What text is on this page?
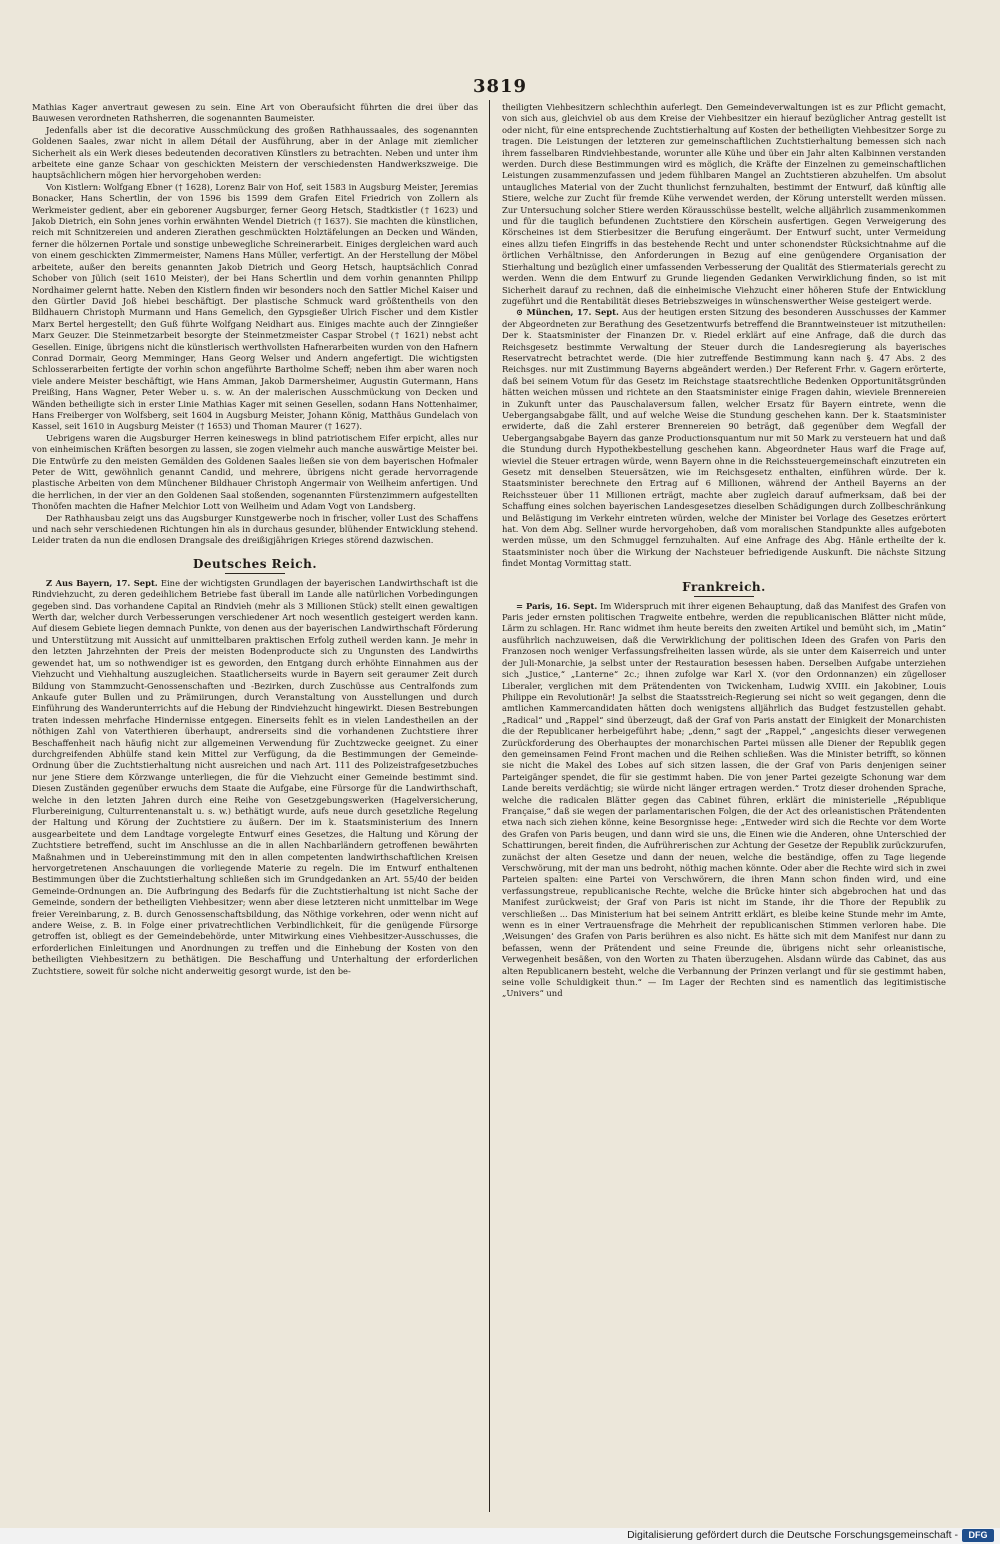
3819

Mathias Kager anvertraut gewesen zu sein. Eine Art von Oberaufsicht führten die drei über das Bauwesen verordneten Rathsherren, die sogenannten Baumeister.

Jedenfalls aber ist die decorative Ausschmückung des großen Rathhaussaales, des sogenannten Goldenen Saales, zwar nicht in allem Détail der Ausführung, aber in der Anlage mit ziemlicher Sicherheit als ein Werk dieses bedeutenden decorativen Künstlers zu betrachten. Neben und unter ihm arbeitete eine ganze Schaar von geschickten Meistern der verschiedensten Handwerkszweige. Die hauptsächlichern mögen hier hervorgehoben werden:

Von Kistlern: Wolfgang Ebner († 1628), Lorenz Bair von Hof, seit 1583 in Augsburg Meister, Jeremias Bonacker, Hans Schertlin, der von 1596 bis 1599 dem Grafen Eitel Friedrich von Zollern als Werkmeister gedient, aber ein geborener Augsburger, ferner Georg Hetsch, Stadtkistler († 1623) und Jakob Dietrich, ein Sohn jenes vorhin erwähnten Wendel Dietrich († 1637). Sie machten die künstlichen, reich mit Schnitzereien und anderen Zierathen geschmückten Holztäfelungen an Decken und Wänden, ferner die hölzernen Portale und sonstige unbewegliche Schreinerarbeit. Einiges dergleichen ward auch von einem geschickten Zimmermeister, Namens Hans Müller, verfertigt. An der Herstellung der Möbel arbeitete, außer den bereits genannten Jakob Dietrich und Georg Hetsch, hauptsächlich Conrad Schober von Jülich (seit 1610 Meister), der bei Hans Schertlin und dem vorhin genannten Philipp Nordhaimer gelernt hatte. Neben den Kistlern finden wir besonders noch den Sattler Michel Kaiser und den Gürtler David Joß hiebei beschäftigt. Der plastische Schmuck ward größtentheils von den Bildhauern Christoph Murmann und Hans Gemelich, den Gypsgießer Ulrich Fischer und dem Kistler Marx Bertel hergestellt; den Guß führte Wolfgang Neidhart aus. Einiges machte auch der Zinngießer Marx Geuzer. Die Steinmetzarbeit besorgte der Steinmetzmeister Caspar Strobel († 1621) nebst acht Gesellen. Einige, übrigens nicht die künstlerisch werthvollsten Hafnerarbeiten wurden von den Hafnern Conrad Dormair, Georg Memminger, Hans Georg Welser und Andern angefertigt. Die wichtigsten Schlosserarbeiten fertigte der vorhin schon angeführte Bartholme Scheff; neben ihm aber waren noch viele andere Meister beschäftigt, wie Hans Amman, Jakob Darmersheimer, Augustin Gutermann, Hans Preißing, Hans Wagner, Peter Weber u. s. w. An der malerischen Ausschmückung von Decken und Wänden betheiligte sich in erster Linie Mathias Kager mit seinen Gesellen, sodann Hans Nottenhaimer, Hans Freiberger von Wolfsberg, seit 1604 in Augsburg Meister, Johann König, Matthäus Gundelach von Kassel, seit 1610 in Augsburg Meister († 1653) und Thoman Maurer († 1627).

Uebrigens waren die Augsburger Herren keineswegs in blind patriotischem Eifer erpicht, alles nur von einheimischen Kräften besorgen zu lassen, sie zogen vielmehr auch manche auswärtige Meister bei. Die Entwürfe zu den meisten Gemälden des Goldenen Saales ließen sie von dem bayerischen Hofmaler Peter de Witt, gewöhnlich genannt Candid, und mehrere, übrigens nicht gerade hervorragende plastische Arbeiten von dem Münchener Bildhauer Christoph Angermair von Weilheim anfertigen. Und die herrlichen, in der vier an den Goldenen Saal stoßenden, sogenannten Fürstenzimmern aufgestellten Thonöfen machten die Hafner Melchior Lott von Weilheim und Adam Vogt von Landsberg.

Der Rathhausbau zeigt uns das Augsburger Kunstgewerbe noch in frischer, voller Lust des Schaffens und nach sehr verschiedenen Richtungen hin als in durchaus gesunder, blühender Entwicklung stehend. Leider traten da nun die endlosen Drangsale des dreißigjährigen Krieges störend dazwischen.

Deutsches Reich.

Z Aus Bayern, 17. Sept. Eine der wichtigsten Grundlagen der bayerischen Landwirthschaft ist die Rindviehzucht, zu deren gedeihlichem Betriebe fast überall im Lande alle natürlichen Vorbedingungen gegeben sind. Das vorhandene Capital an Rindvieh (mehr als 3 Millionen Stück) stellt einen gewaltigen Werth dar, welcher durch Verbesserungen verschiedener Art noch wesentlich gesteigert werden kann. Auf diesem Gebiete liegen demnach Punkte, von denen aus der bayerischen Landwirthschaft Förderung und Unterstützung mit Aussicht auf unmittelbaren praktischen Erfolg zutheil werden kann. Je mehr in den letzten Jahrzehnten der Preis der meisten Bodenproducte sich zu Ungunsten des Landwirths gewendet hat, um so nothwendiger ist es geworden, den Entgang durch erhöhte Einnahmen aus der Viehzucht und Viehhaltung auszugleichen. Staatlicherseits wurde in Bayern seit geraumer Zeit durch Bildung von Stammzucht-Genossenschaften und -Bezirken, durch Zuschüsse aus Centralfonds zum Ankaufe guter Bullen und zu Prämiirungen, durch Veranstaltung von Ausstellungen und durch Einführung des Wanderunterrichts auf die Hebung der Rindviehzucht hingewirkt. Diesen Bestrebungen traten indessen mehrfache Hindernisse entgegen. Einerseits fehlt es in vielen Landestheilen an der nöthigen Zahl von Vaterthieren überhaupt, andrerseits sind die vorhandenen Zuchtstiere ihrer Beschaffenheit nach häufig nicht zur allgemeinen Verwendung für Zuchtzwecke geeignet. Zu einer durchgreifenden Abhülfe stand kein Mittel zur Verfügung, da die Bestimmungen der Gemeinde-Ordnung über die Zuchtstierhaltung nicht ausreichen und nach Art. 111 des Polizeistrafgesetzbuches nur jene Stiere dem Körzwange unterliegen, die für die Viehzucht einer Gemeinde bestimmt sind. Diesen Zuständen gegenüber erwuchs dem Staate die Aufgabe, eine Fürsorge für die Landwirthschaft, welche in den letzten Jahren durch eine Reihe von Gesetzgebungswerken (Hagelversicherung, Flurbereinigung, Culturrentenanstalt u. s. w.) bethätigt wurde, aufs neue durch gesetzliche Regelung der Haltung und Körung der Zuchtstiere zu äußern. Der im k. Staatsministerium des Innern ausgearbeitete und dem Landtage vorgelegte Entwurf eines Gesetzes, die Haltung und Körung der Zuchtstiere betreffend, sucht im Anschlusse an die in allen Nachbarländern getroffenen bewährten Maßnahmen und in Uebereinstimmung mit den in allen competenten landwirthschaftlichen Kreisen hervorgetretenen Anschauungen die vorliegende Materie zu regeln. Die im Entwurf enthaltenen Bestimmungen über die Zuchtstierhaltung schließen sich im Grundgedanken an Art. 55/40 der beiden Gemeinde-Ordnungen an. Die Aufbringung des Bedarfs für die Zuchtstierhaltung ist nicht Sache der Gemeinde, sondern der betheiligten Viehbesitzer; wenn aber diese letzteren nicht unmittelbar im Wege freier Vereinbarung, z. B. durch Genossenschaftsbildung, das Nöthige vorkehren, oder wenn nicht auf andere Weise, z. B. in Folge einer privatrechtlichen Verbindlichkeit, für die genügende Fürsorge getroffen ist, obliegt es der Gemeindebehörde, unter Mitwirkung eines Viehbesitzer-Ausschusses, die erforderlichen Einleitungen und Anordnungen zu treffen und die Einhebung der Kosten von den betheiligten Viehbesitzern zu bethätigen. Die Beschaffung und Unterhaltung der erforderlichen Zuchtstiere, soweit für solche nicht anderweitig gesorgt wurde, ist den be-

theiligten Viehbesitzern schlechthin auferlegt. Den Gemeindeverwaltungen ist es zur Pflicht gemacht, von sich aus, gleichviel ob aus dem Kreise der Viehbesitzer ein hierauf bezüglicher Antrag gestellt ist oder nicht, für eine entsprechende Zuchtstierhaltung auf Kosten der betheiligten Viehbesitzer Sorge zu tragen. Die Leistungen der letzteren zur gemeinschaftlichen Zuchtstierhaltung bemessen sich nach ihrem fasselbaren Rindviehbestande, worunter alle Kühe und über ein Jahr alten Kalbinnen verstanden werden. Durch diese Bestimmungen wird es möglich, die Kräfte der Einzelnen zu gemeinschaftlichen Leistungen zusammenzufassen und jedem fühlbaren Mangel an Zuchtstieren abzuhelfen. Um absolut untaugliches Material von der Zucht thunlichst fernzuhalten, bestimmt der Entwurf, daß künftig alle Stiere, welche zur Zucht für fremde Kühe verwendet werden, der Körung unterstellt werden müssen. Zur Untersuchung solcher Stiere werden Körausschüsse bestellt, welche alljährlich zusammenkommen und für die tauglich befundenen Zuchtstiere den Körschein ausfertigen. Gegen Verweigerung des Körscheines ist dem Stierbesitzer die Berufung eingeräumt. Der Entwurf sucht, unter Vermeidung eines allzu tiefen Eingriffs in das bestehende Recht und unter schonendster Rücksichtnahme auf die örtlichen Verhältnisse, den Anforderungen in Bezug auf eine genügendere Organisation der Stierhaltung und bezüglich einer umfassenden Verbesserung der Qualität des Stiermaterials gerecht zu werden. Wenn die dem Entwurf zu Grunde liegenden Gedanken Verwirklichung finden, so ist mit Sicherheit darauf zu rechnen, daß die einheimische Viehzucht einer höheren Stufe der Entwicklung zugeführt und die Rentabilität dieses Betriebszweiges in wünschenswerther Weise gesteigert werde.

⊙ München, 17. Sept. Aus der heutigen ersten Sitzung des besonderen Ausschusses der Kammer der Abgeordneten zur Berathung des Gesetzentwurfs betreffend die Branntweinsteuer ist mitzutheilen: Der k. Staatsminister der Finanzen Dr. v. Riedel erklärt auf eine Anfrage, daß die durch das Reichsgesetz bestimmte Verwaltung der Steuer durch die Landesregierung als bayerisches Reservatrecht betrachtet werde. (Die hier zutreffende Bestimmung kann nach §. 47 Abs. 2 des Reichsges. nur mit Zustimmung Bayerns abgeändert werden.) Der Referent Frhr. v. Gagern erörterte, daß bei seinem Votum für das Gesetz im Reichstage staatsrechtliche Bedenken Opportunitätsgründen hätten weichen müssen und richtete an den Staatsminister einige Fragen dahin, wieviele Brennereien in Zukunft unter das Pauschalaversum fallen, welcher Ersatz für Bayern eintrete, wenn die Uebergangsabgabe fällt, und auf welche Weise die Stundung geschehen kann. Der k. Staatsminister erwiderte, daß die Zahl ersterer Brennereien 90 beträgt, daß gegenüber dem Wegfall der Uebergangsabgabe Bayern das ganze Productionsquantum nur mit 50 Mark zu versteuern hat und daß die Stundung durch Hypothekbestellung geschehen kann. Abgeordneter Haus warf die Frage auf, wieviel die Steuer ertragen würde, wenn Bayern ohne in die Reichssteuergemeinschaft einzutreten ein Gesetz mit denselben Steuersätzen, wie im Reichsgesetz enthalten, einführen würde. Der k. Staatsminister berechnete den Ertrag auf 6 Millionen, während der Antheil Bayerns an der Reichssteuer über 11 Millionen erträgt, machte aber zugleich darauf aufmerksam, daß bei der Schaffung eines solchen bayerischen Landesgesetzes dieselben Schädigungen durch Zollbeschränkung und Belästigung im Verkehr eintreten würden, welche der Minister bei Vorlage des Gesetzes erörtert hat. Von dem Abg. Sellner wurde hervorgehoben, daß vom moralischen Standpunkte alles aufgeboten werden müsse, um den Schmuggel fernzuhalten. Auf eine Anfrage des Abg. Hänle ertheilte der k. Staatsminister noch über die Wirkung der Nachsteuer befriedigende Auskunft. Die nächste Sitzung findet Montag Vormittag statt.

Frankreich.

= Paris, 16. Sept. Im Widerspruch mit ihrer eigenen Behauptung, daß das Manifest des Grafen von Paris jeder ernsten politischen Tragweite entbehre, werden die republicanischen Blätter nicht müde, Lärm zu schlagen. Hr. Ranc widmet ihm heute bereits den zweiten Artikel und bemüht sich, im „Matin“ ausführlich nachzuweisen, daß die Verwirklichung der politischen Ideen des Grafen von Paris den Franzosen noch weniger Verfassungsfreiheiten lassen würde, als sie unter dem Kaiserreich und unter der Juli-Monarchie, ja selbst unter der Restauration besessen haben. Derselben Aufgabe unterziehen sich „Justice,“ „Lanterne“ 2c.; ihnen zufolge war Karl X. (vor den Ordonnanzen) ein zügelloser Liberaler, verglichen mit dem Prätendenten von Twickenham, Ludwig XVIII. ein Jakobiner, Louis Philippe ein Revolutionär! Ja selbst die Staatsstreich-Regierung sei nicht so weit gegangen, denn die amtlichen Kammercandidaten hätten doch wenigstens alljährlich das Budget festzustellen gehabt. „Radical“ und „Rappel“ sind überzeugt, daß der Graf von Paris anstatt der Einigkeit der Monarchisten die der Republicaner herbeigeführt habe; „denn,“ sagt der „Rappel,“ „angesichts dieser verwegenen Zurückforderung des Oberhauptes der monarchischen Partei müssen alle Diener der Republik gegen den gemeinsamen Feind Front machen und die Reihen schließen. Was die Minister betrifft, so können sie nicht die Makel des Lobes auf sich sitzen lassen, die der Graf von Paris denjenigen seiner Parteigänger spendet, die für sie gestimmt haben. Die von jener Partei gezeigte Schonung war dem Lande bereits verdächtig; sie würde nicht länger ertragen werden.“ Trotz dieser drohenden Sprache, welche die radicalen Blätter gegen das Cabinet führen, erklärt die ministerielle „République Française,“ daß sie wegen der parlamentarischen Folgen, die der Act des orleanistischen Prätendenten etwa nach sich ziehen könne, keine Besorgnisse hege: „Entweder wird sich die Rechte vor dem Worte des Grafen von Paris beugen, und dann wird sie uns, die Einen wie die Anderen, ohne Unterschied der Schattirungen, bereit finden, die Aufrührerischen zur Achtung der Gesetze der Republik zurückzurufen, zunächst der alten Gesetze und dann der neuen, welche die beständige, offen zu Tage liegende Verschwörung, mit der man uns bedroht, nöthig machen könnte. Oder aber die Rechte wird sich in zwei Parteien spalten: eine Partei von Verschwörern, die ihren Mann schon finden wird, und eine verfassungstreue, republicanische Rechte, welche die Brücke hinter sich abgebrochen hat und das Manifest zurückweist; der Graf von Paris ist nicht im Stande, ihr die Thore der Republik zu verschließen ... Das Ministerium hat bei seinem Antritt erklärt, es bleibe keine Stunde mehr im Amte, wenn es in einer Vertrauensfrage die Mehrheit der republicanischen Stimmen verloren habe. Die ‚Weisungen‘ des Grafen von Paris berühren es also nicht. Es hätte sich mit dem Manifest nur dann zu befassen, wenn der Prätendent und seine Freunde die, übrigens nicht sehr orleanistische, Verwegenheit besäßen, von den Worten zu Thaten überzugehen. Alsdann würde das Cabinet, das aus alten Republicanern besteht, welche die Verbannung der Prinzen verlangt und für sie gestimmt haben, seine volle Schuldigkeit thun.“ — Im Lager der Rechten sind es namentlich das legitimistische „Univers“ und

Digitalisierung gefördert durch die Deutsche Forschungsgemeinschaft -	DFG
